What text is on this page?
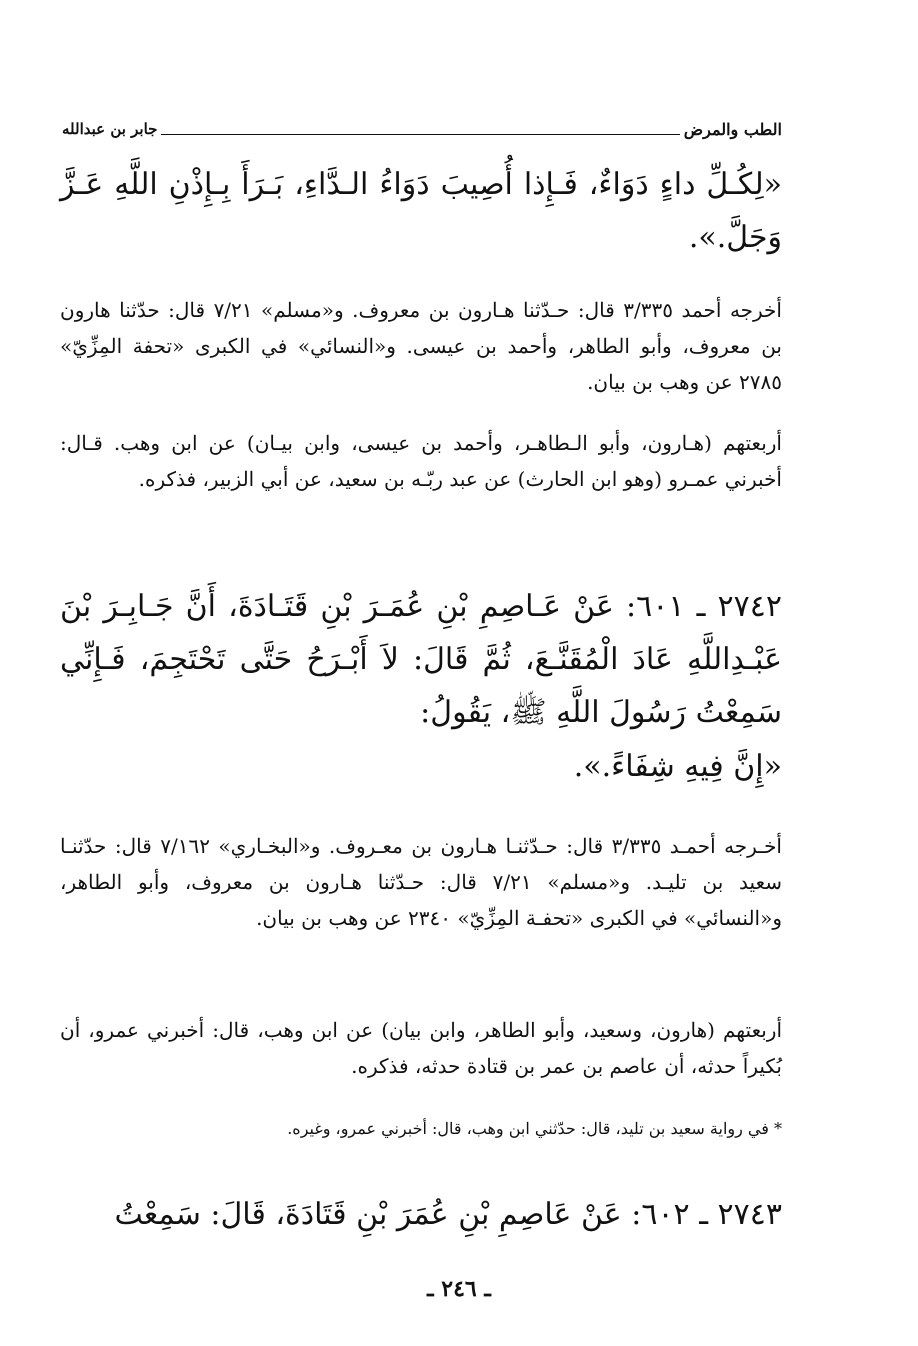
الطب والمرض
جابر بن عبدالله
«لِكُـلِّ داءٍ دَوَاءٌ، فَـإِذا أُصِيبَ دَوَاءُ الـدَّاءِ، بَـرَأَ بِـإِذْنِ اللَّهِ عَـزَّ وَجَلَّ.».
أخرجه أحمد ٣/٣٣٥ قال: حـدّثنا هـارون بن معروف. و«مسلم» ٧/٢١ قال: حدّثنا هارون بن معروف، وأبو الطاهر، وأحمد بن عيسى. و«النسائي» في الكبرى «تحفة المِزِّيّ» ٢٧٨٥ عن وهب بن بيان.
أربعتهم (هـارون، وأبو الـطاهـر، وأحمد بن عيسى، وابن بيـان) عن ابن وهب. قـال: أخبرني عمـرو (وهو ابن الحارث) عن عبد ربّـه بن سعيد، عن أبي الزبير، فذكره.
٢٧٤٢ ـ ٦٠١: عَنْ عَـاصِمِ بْنِ عُمَـرَ بْنِ قَتَـادَةَ، أَنَّ جَـابِـرَ بْنَ عَبْـدِاللَّهِ عَادَ الْمُقَنَّـعَ، ثُمَّ قَالَ: لاَ أَبْـرَحُ حَتَّى تَحْتَجِمَ، فَـإِنِّي سَمِعْتُ رَسُولَ اللَّهِ ﷺ، يَقُولُ:
«إِنَّ فِيهِ شِفَاءً.».
أخـرجه أحمـد ٣/٣٣٥ قال: حـدّثنـا هـارون بن معـروف. و«البخـاري» ٧/١٦٢ قال: حدّثنـا سعيد بن تليـد. و«مسلم» ٧/٢١ قال: حـدّثنا هـارون بن معروف، وأبو الطاهر، و«النسائي» في الكبرى «تحفـة المِزِّيّ» ٢٣٤٠ عن وهب بن بيان.
أربعتهم (هارون، وسعيد، وأبو الطاهر، وابن بيان) عن ابن وهب، قال: أخبرني عمرو، أن بُكيراً حدثه، أن عاصم بن عمر بن قتادة حدثه، فذكره.
* في رواية سعيد بن تليد، قال: حدّثني ابن وهب، قال: أخبرني عمرو، وغيره.
٢٧٤٣ ـ ٦٠٢: عَنْ عَاصِمِ بْنِ عُمَرَ بْنِ قَتَادَةَ، قَالَ: سَمِعْتُ
ـ ٢٤٦ ـ
